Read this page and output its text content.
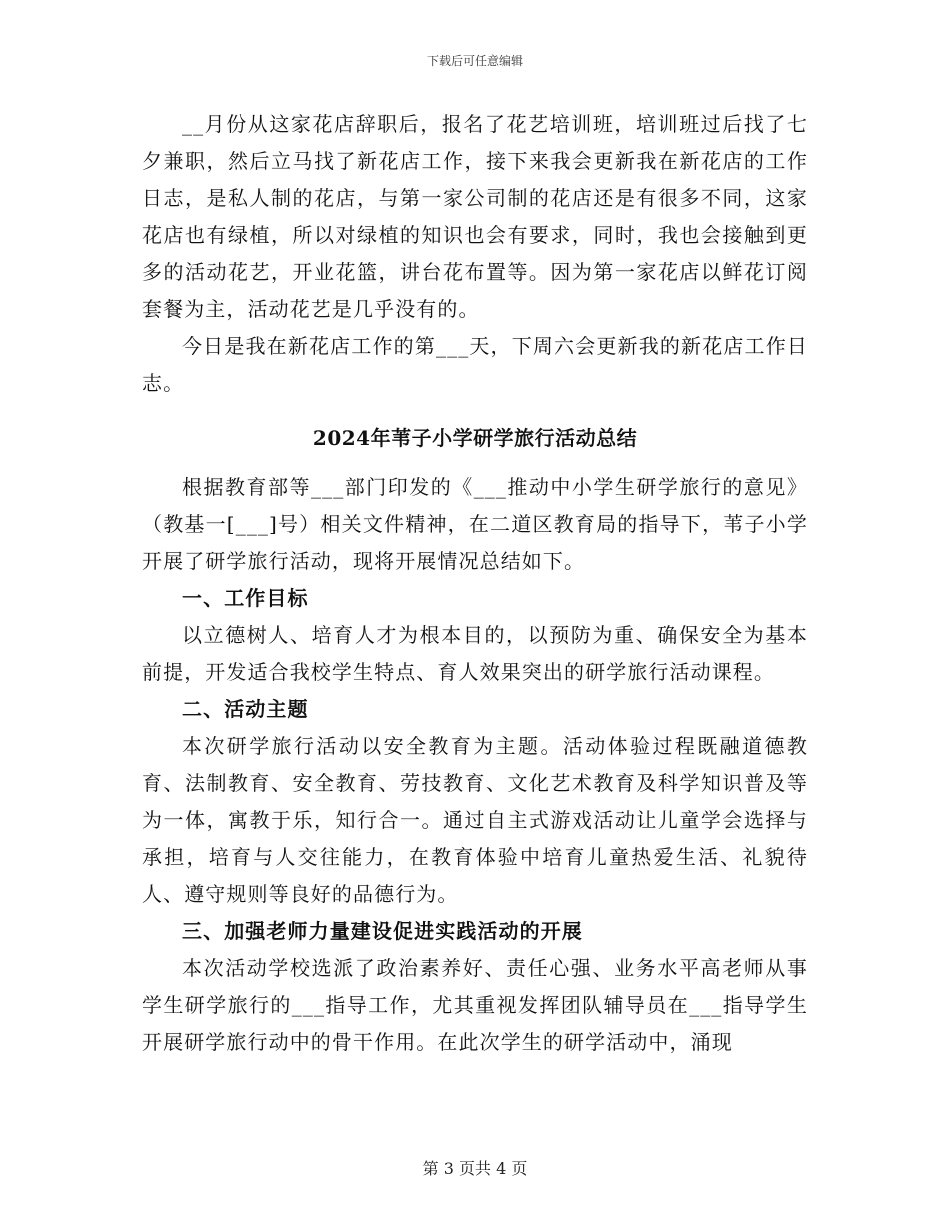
下载后可任意编辑

__月份从这家花店辞职后，报名了花艺培训班，培训班过后找了七夕兼职，然后立马找了新花店工作，接下来我会更新我在新花店的工作日志，是私人制的花店，与第一家公司制的花店还是有很多不同，这家花店也有绿植，所以对绿植的知识也会有要求，同时，我也会接触到更多的活动花艺，开业花篮，讲台花布置等。因为第一家花店以鲜花订阅套餐为主，活动花艺是几乎没有的。

今日是我在新花店工作的第___天，下周六会更新我的新花店工作日志。

2024年苇子小学研学旅行活动总结

根据教育部等___部门印发的《___推动中小学生研学旅行的意见》（教基一[___]号）相关文件精神，在二道区教育局的指导下，苇子小学开展了研学旅行活动，现将开展情况总结如下。

一、工作目标

以立德树人、培育人才为根本目的，以预防为重、确保安全为基本前提，开发适合我校学生特点、育人效果突出的研学旅行活动课程。

二、活动主题

本次研学旅行活动以安全教育为主题。活动体验过程既融道德教育、法制教育、安全教育、劳技教育、文化艺术教育及科学知识普及等为一体，寓教于乐，知行合一。通过自主式游戏活动让儿童学会选择与承担，培育与人交往能力，在教育体验中培育儿童热爱生活、礼貌待人、遵守规则等良好的品德行为。

三、加强老师力量建设促进实践活动的开展

本次活动学校选派了政治素养好、责任心强、业务水平高老师从事学生研学旅行的___指导工作，尤其重视发挥团队辅导员在___指导学生开展研学旅行动中的骨干作用。在此次学生的研学活动中，涌现

第 3 页共 4 页
